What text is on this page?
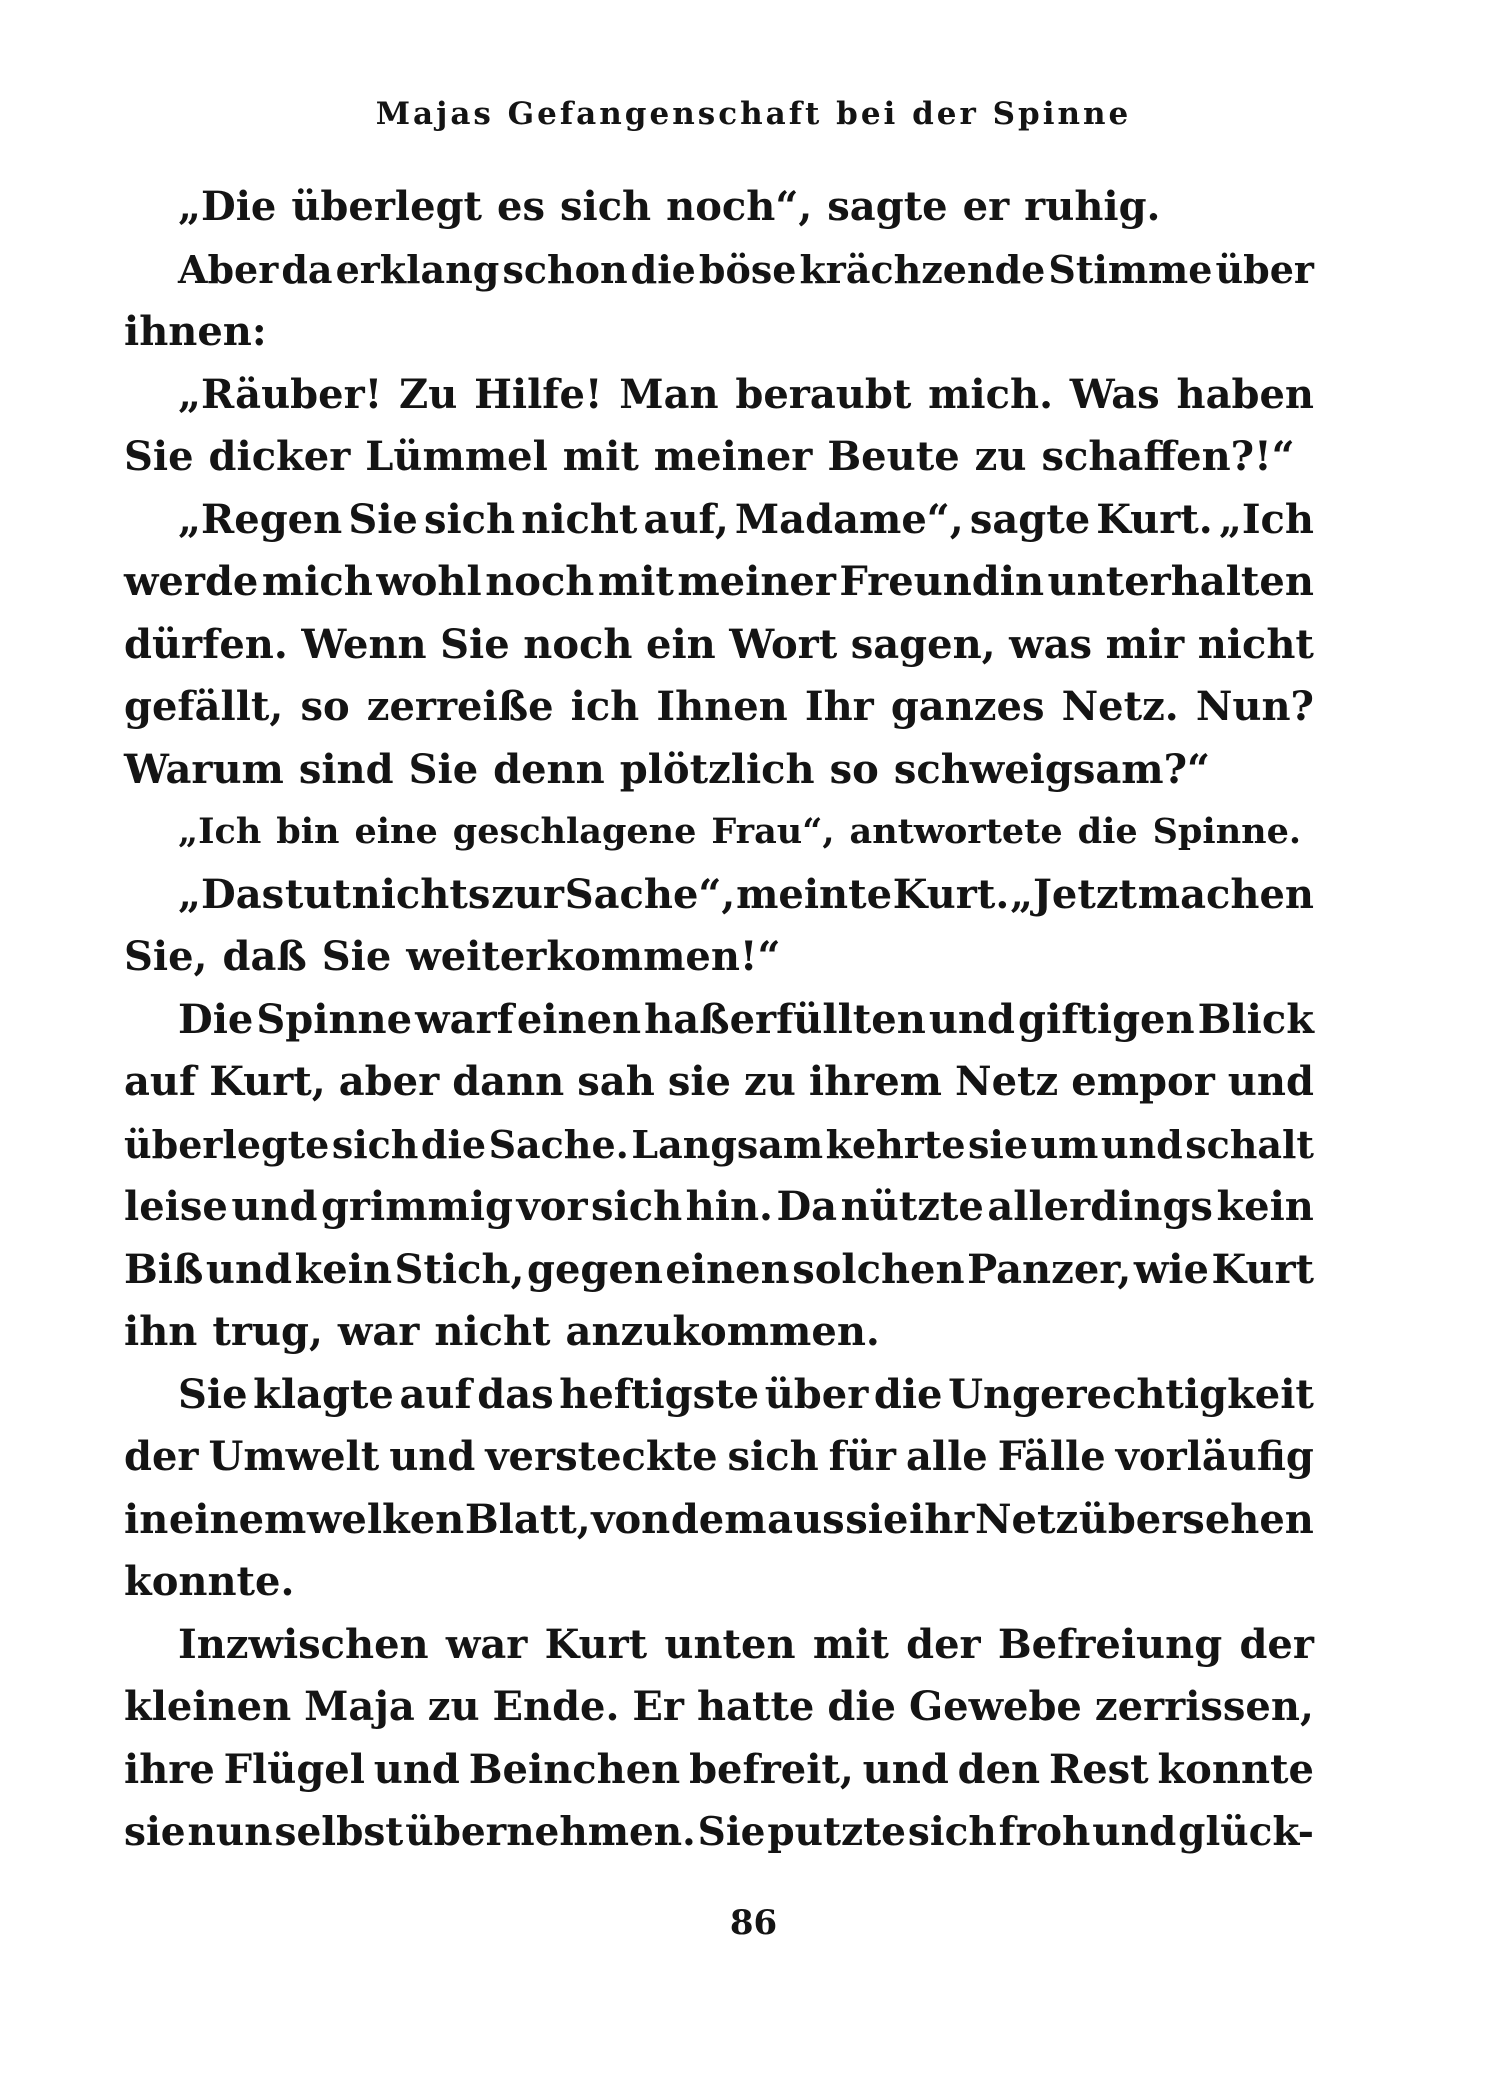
Majas Gefangenschaft bei der Spinne
„Die überlegt es sich noch“, sagte er ruhig.
Aber da erklang schon die böse krächzende Stimme über
ihnen:
„Räuber! Zu Hilfe! Man beraubt mich. Was haben
Sie dicker Lümmel mit meiner Beute zu schaffen?!“
„Regen Sie sich nicht auf, Madame“, sagte Kurt. „Ich
werde mich wohl noch mit meiner Freundin unterhalten
dürfen. Wenn Sie noch ein Wort sagen, was mir nicht
gefällt, so zerreiße ich Ihnen Ihr ganzes Netz. Nun?
Warum sind Sie denn plötzlich so schweigsam?“
„Ich bin eine geschlagene Frau“, antwortete die Spinne.
„Das tut nichts zur Sache“, meinte Kurt. „Jetzt machen
Sie, daß Sie weiterkommen!“
Die Spinne warf einen haßerfüllten und giftigen Blick
auf Kurt, aber dann sah sie zu ihrem Netz empor und
überlegte sich die Sache. Langsam kehrte sie um und schalt
leise und grimmig vor sich hin. Da nützte allerdings kein
Biß und kein Stich, gegen einen solchen Panzer, wie Kurt
ihn trug, war nicht anzukommen.
Sie klagte auf das heftigste über die Ungerechtigkeit
der Umwelt und versteckte sich für alle Fälle vorläufig
in einem welken Blatt, von dem aus sie ihr Netz übersehen
konnte.
Inzwischen war Kurt unten mit der Befreiung der
kleinen Maja zu Ende. Er hatte die Gewebe zerrissen,
ihre Flügel und Beinchen befreit, und den Rest konnte
sie nun selbst übernehmen. Sie putzte sich froh und glück-
86
